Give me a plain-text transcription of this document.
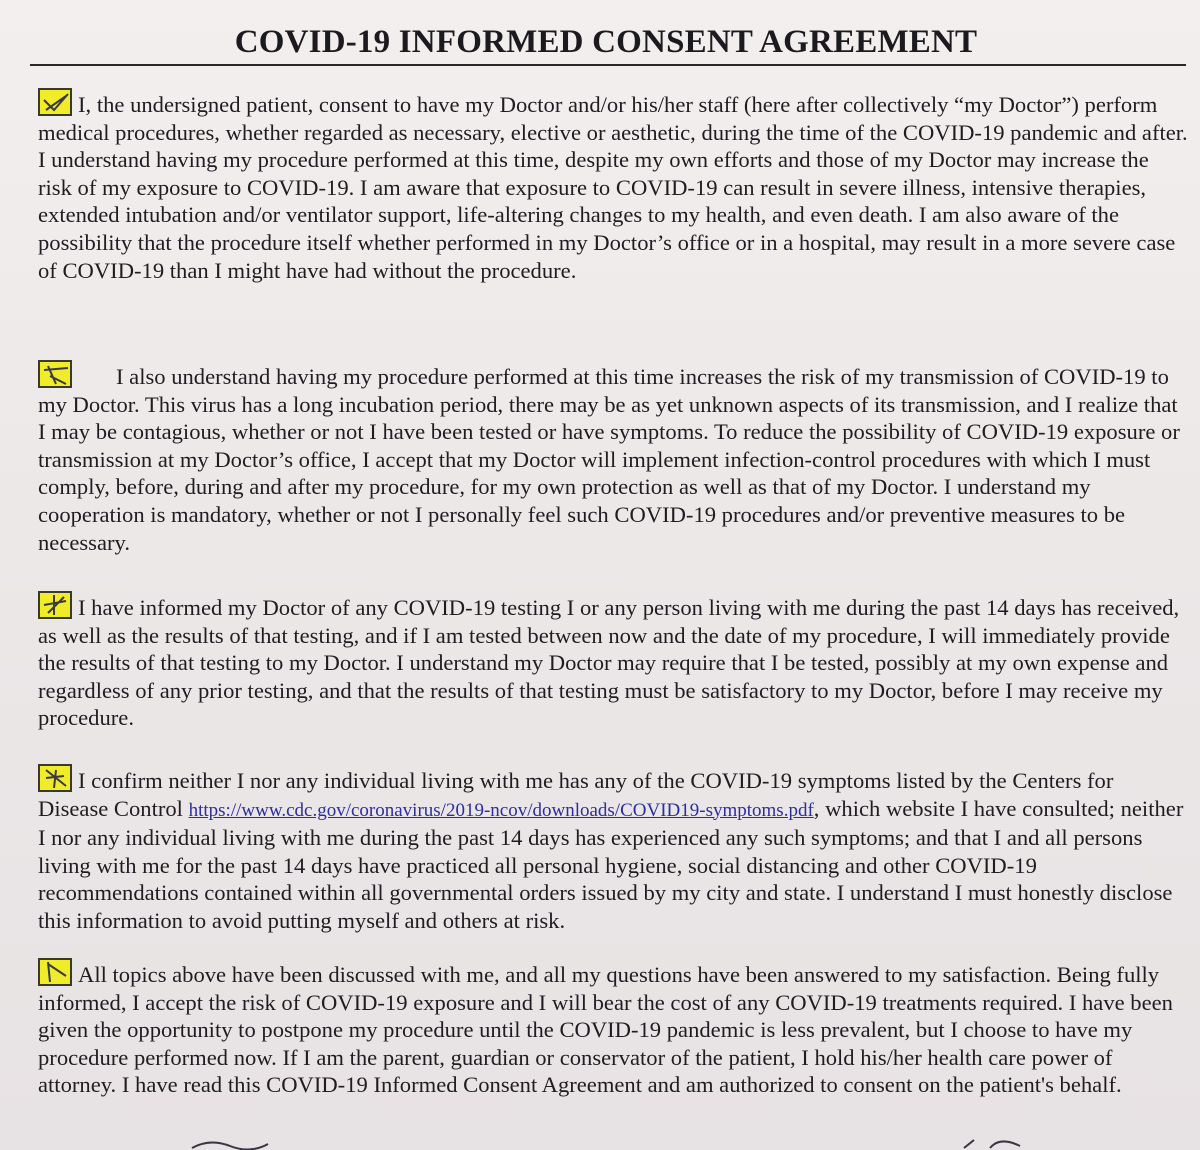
COVID-19 INFORMED CONSENT AGREEMENT

I, the undersigned patient, consent to have my Doctor and/or his/her staff (here after collectively “my Doctor”) perform medical procedures, whether regarded as necessary, elective or aesthetic, during the time of the COVID-19 pandemic and after. I understand having my procedure performed at this time, despite my own efforts and those of my Doctor may increase the risk of my exposure to COVID-19. I am aware that exposure to COVID-19 can result in severe illness, intensive therapies, extended intubation and/or ventilator support, life-altering changes to my health, and even death. I am also aware of the possibility that the procedure itself whether performed in my Doctor’s office or in a hospital, may result in a more severe case of COVID-19 than I might have had without the procedure.

I also understand having my procedure performed at this time increases the risk of my transmission of COVID-19 to my Doctor. This virus has a long incubation period, there may be as yet unknown aspects of its transmission, and I realize that I may be contagious, whether or not I have been tested or have symptoms. To reduce the possibility of COVID-19 exposure or transmission at my Doctor’s office, I accept that my Doctor will implement infection-control procedures with which I must comply, before, during and after my procedure, for my own protection as well as that of my Doctor. I understand my cooperation is mandatory, whether or not I personally feel such COVID-19 procedures and/or preventive measures to be necessary.

I have informed my Doctor of any COVID-19 testing I or any person living with me during the past 14 days has received, as well as the results of that testing, and if I am tested between now and the date of my procedure, I will immediately provide the results of that testing to my Doctor. I understand my Doctor may require that I be tested, possibly at my own expense and regardless of any prior testing, and that the results of that testing must be satisfactory to my Doctor, before I may receive my procedure.

I confirm neither I nor any individual living with me has any of the COVID-19 symptoms listed by the Centers for Disease Control https://www.cdc.gov/coronavirus/2019-ncov/downloads/COVID19-symptoms.pdf, which website I have consulted; neither I nor any individual living with me during the past 14 days has experienced any such symptoms; and that I and all persons living with me for the past 14 days have practiced all personal hygiene, social distancing and other COVID-19 recommendations contained within all governmental orders issued by my city and state. I understand I must honestly disclose this information to avoid putting myself and others at risk.

All topics above have been discussed with me, and all my questions have been answered to my satisfaction. Being fully informed, I accept the risk of COVID-19 exposure and I will bear the cost of any COVID-19 treatments required. I have been given the opportunity to postpone my procedure until the COVID-19 pandemic is less prevalent, but I choose to have my procedure performed now. If I am the parent, guardian or conservator of the patient, I hold his/her health care power of attorney. I have read this COVID-19 Informed Consent Agreement and am authorized to consent on the patient's behalf.
